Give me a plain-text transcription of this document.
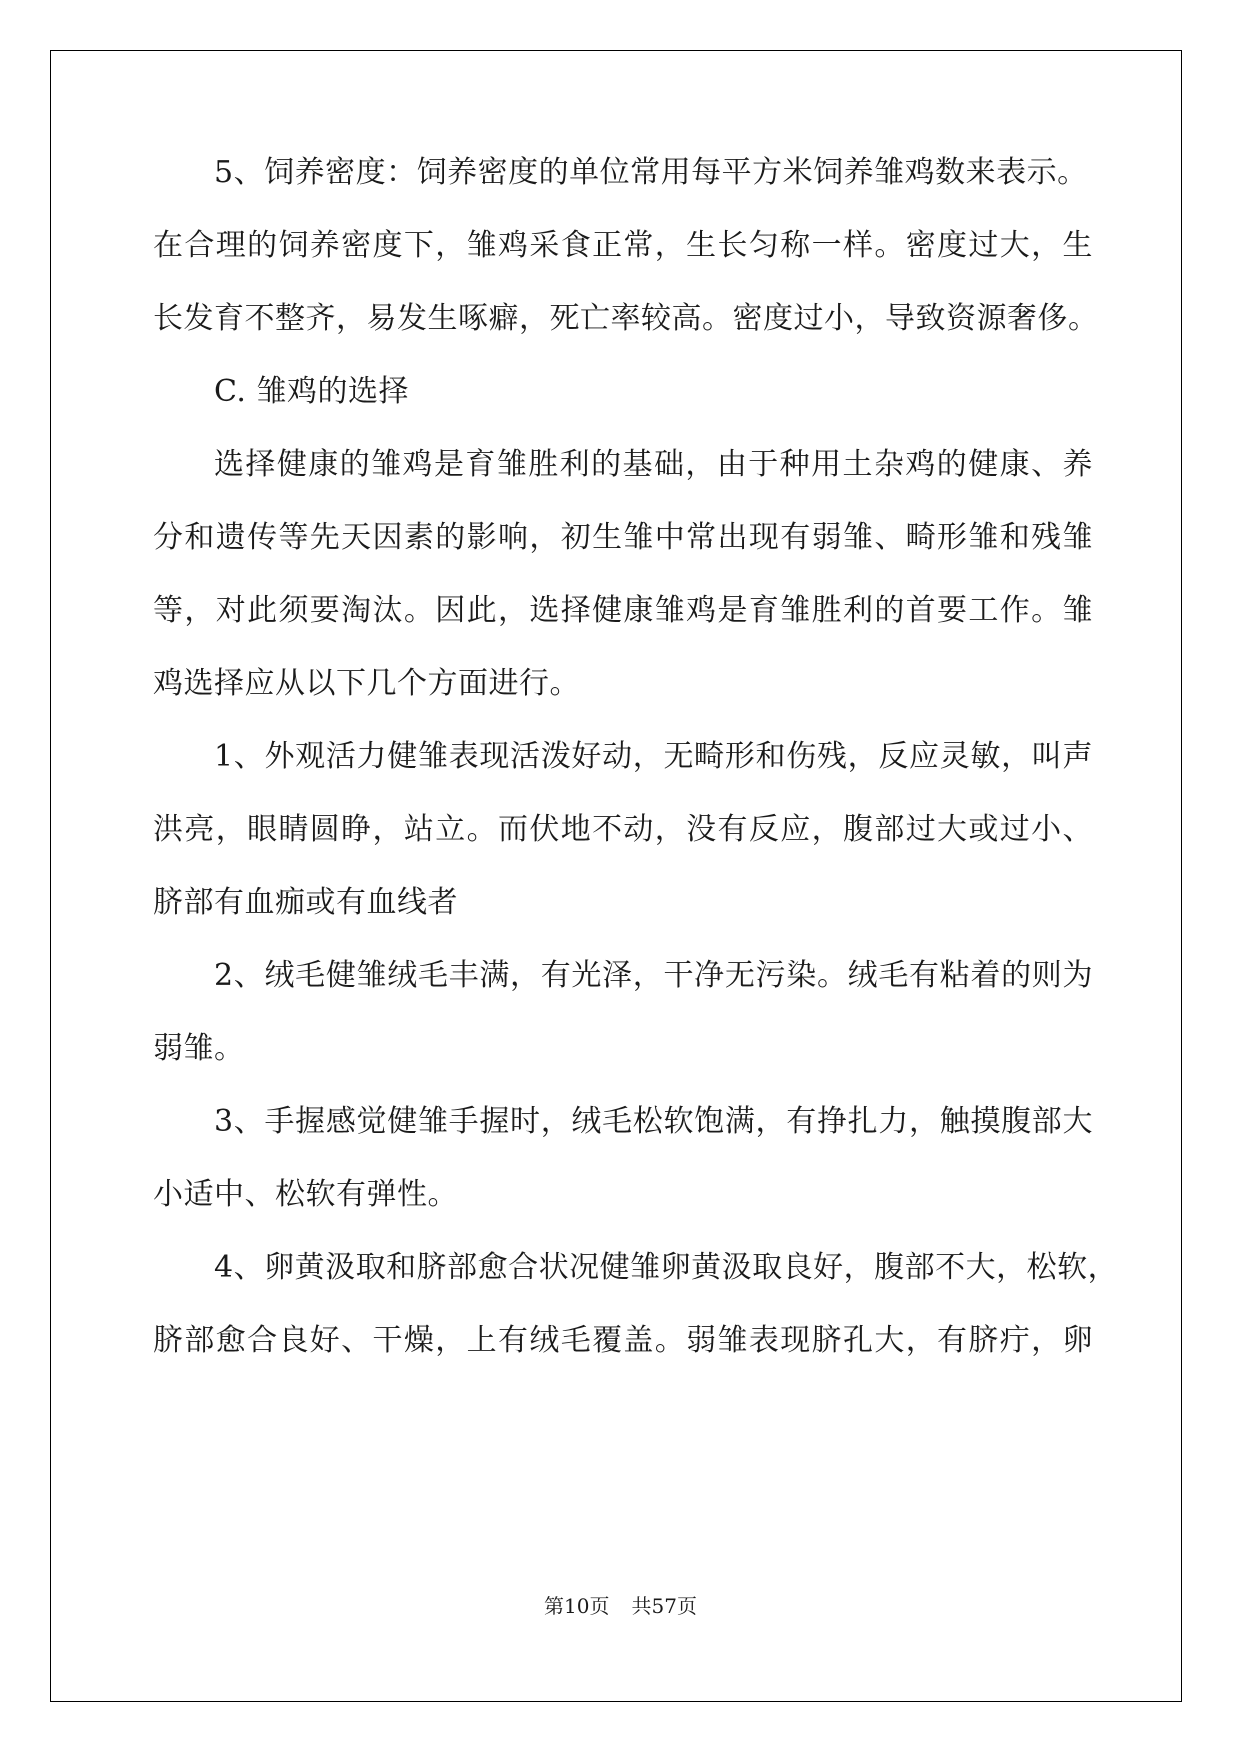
5、饲养密度：饲养密度的单位常用每平方米饲养雏鸡数来表示。
在合理的饲养密度下，雏鸡采食正常，生长匀称一样。密度过大，生
长发育不整齐，易发生啄癖，死亡率较高。密度过小，导致资源奢侈。
C. 雏鸡的选择
选择健康的雏鸡是育雏胜利的基础，由于种用土杂鸡的健康、养
分和遗传等先天因素的影响，初生雏中常出现有弱雏、畸形雏和残雏
等，对此须要淘汰。因此，选择健康雏鸡是育雏胜利的首要工作。雏
鸡选择应从以下几个方面进行。
1、外观活力健雏表现活泼好动，无畸形和伤残，反应灵敏，叫声
洪亮，眼睛圆睁，站立。而伏地不动，没有反应，腹部过大或过小、
脐部有血痂或有血线者
2、绒毛健雏绒毛丰满，有光泽，干净无污染。绒毛有粘着的则为
弱雏。
3、手握感觉健雏手握时，绒毛松软饱满，有挣扎力，触摸腹部大
小适中、松软有弹性。
4、卵黄汲取和脐部愈合状况健雏卵黄汲取良好，腹部不大，松软，
脐部愈合良好、干燥，上有绒毛覆盖。弱雏表现脐孔大，有脐疔，卵
第10页 共57页
